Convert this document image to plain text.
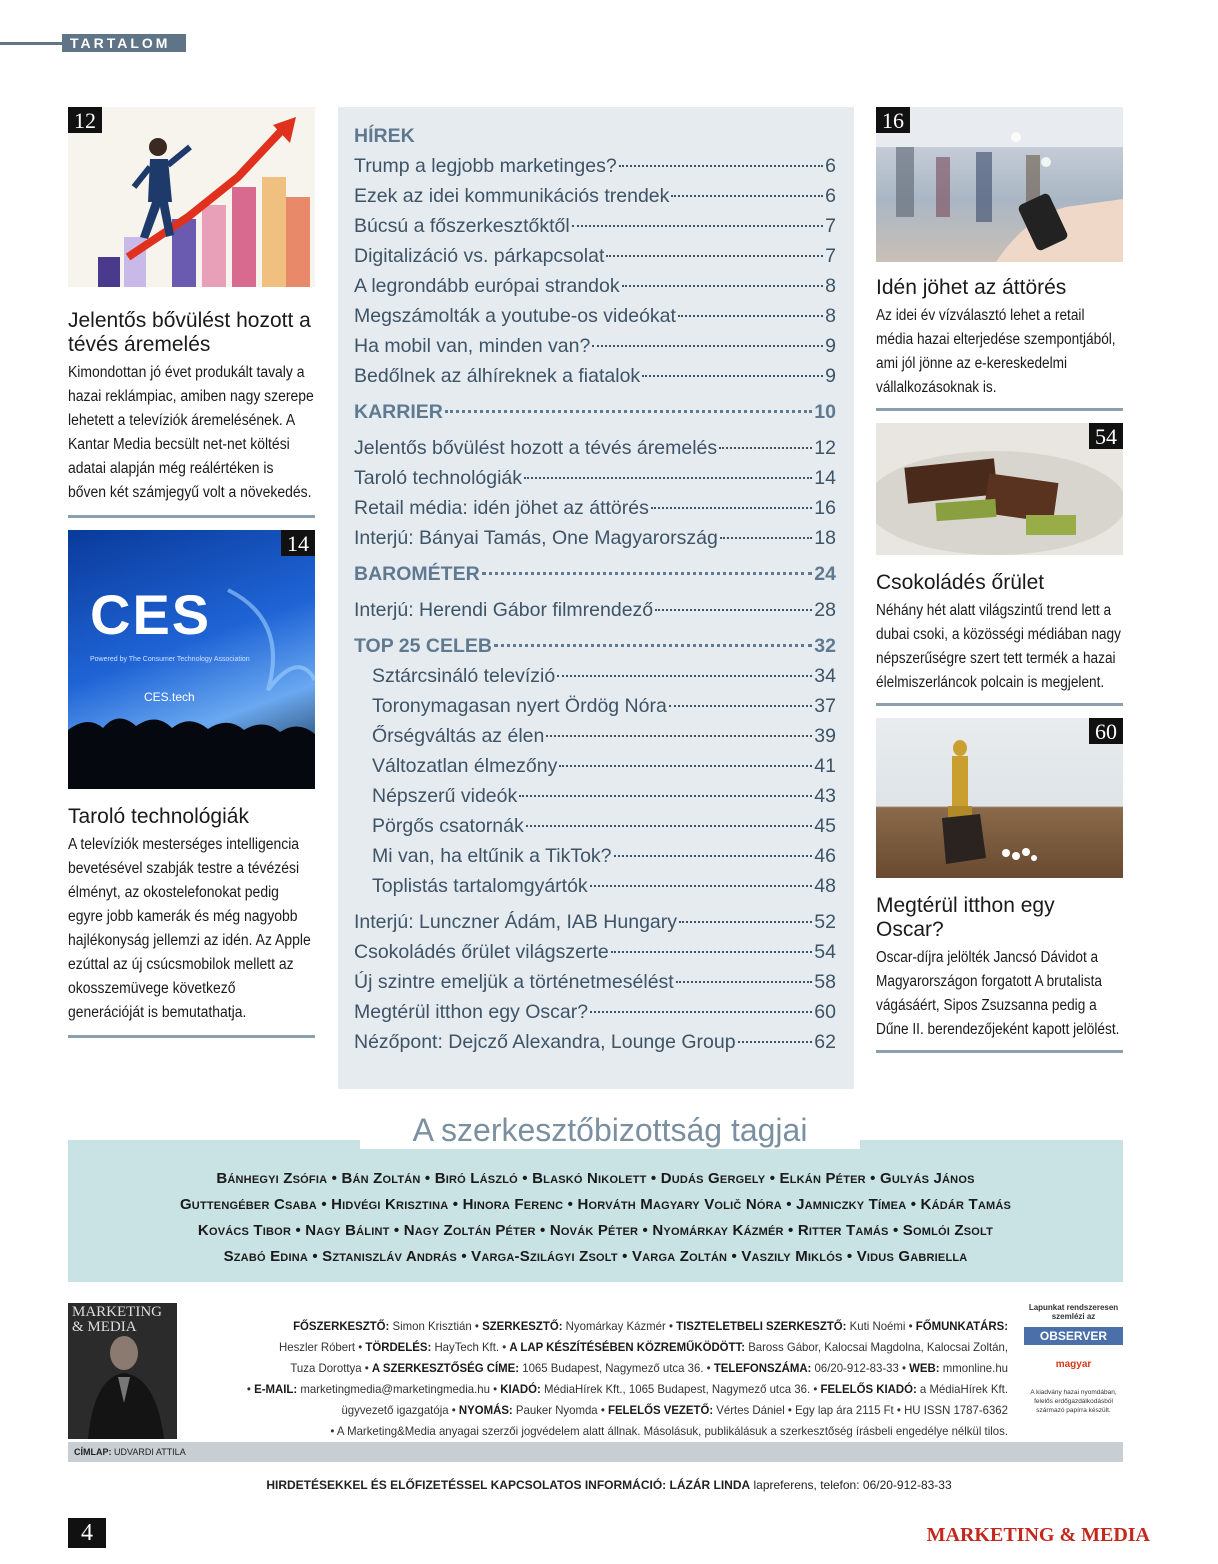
TARTALOM
12
Jelentős bővülést hozott a tévés áremelés
Kimondottan jó évet produkált tavaly a hazai reklámpiac, amiben nagy szerepe lehetett a televíziók áremelésének. A Kantar Media becsült net-net költési adatai alapján még reálértéken is bőven két számjegyű volt a növekedés.
CES
Powered by The Consumer Technology Association
CES.tech
14
Taroló technológiák
A televíziók mesterséges intelligencia bevetésével szabják testre a tévézési élményt, az okostelefonokat pedig egyre jobb kamerák és még nagyobb hajlékonyság jellemzi az idén. Az Apple ezúttal az új csúcsmobilok mellett az okosszemüvege következő generációját is bemutathatja.
HÍREK
Trump a legjobb marketinges?	6
Ezek az idei kommunikációs trendek	6
Búcsú a főszerkesztőktől	7
Digitalizáció vs. párkapcsolat	7
A legrondább európai strandok	8
Megszámolták a youtube-os videókat	8
Ha mobil van, minden van?	9
Bedőlnek az álhíreknek a fiatalok	9
KARRIER	10
Jelentős bővülést hozott a tévés áremelés	12
Taroló technológiák	14
Retail média: idén jöhet az áttörés	16
Interjú: Bányai Tamás, One Magyarország	18
BAROMÉTER	24
Interjú: Herendi Gábor filmrendező	28
TOP 25 CELEB	32
Sztárcsináló televízió	34
Toronymagasan nyert Ördög Nóra	37
Őrségváltás az élen	39
Változatlan élmezőny	41
Népszerű videók	43
Pörgős csatornák	45
Mi van, ha eltűnik a TikTok?	46
Toplistás tartalomgyártók	48
Interjú: Lunczner Ádám, IAB Hungary	52
Csokoládés őrület világszerte	54
Új szintre emeljük a történetmesélést	58
Megtérül itthon egy Oscar?	60
Nézőpont: Dejcző Alexandra, Lounge Group	62
16
Idén jöhet az áttörés
Az idei év vízválasztó lehet a retail média hazai elterjedése szempontjából, ami jól jönne az e-kereskedelmi vállalkozásoknak is.
54
Csokoládés őrület
Néhány hét alatt világszintű trend lett a dubai csoki, a közösségi médiában nagy népszerűségre szert tett termék a hazai élelmiszerláncok polcain is megjelent.
60
Megtérül itthon egy Oscar?
Oscar-díjra jelölték Jancsó Dávidot a Magyarországon forgatott A brutalista vágásáért, Sipos Zsuzsanna pedig a Dűne II. berendezőjeként kapott jelölést.
Bánhegyi Zsófia • Bán Zoltán • Biró László • Blaskó Nikolett • Dudás Gergely • Elkán Péter • Gulyás János
Guttengéber Csaba • Hidvégi Krisztina • Hinora Ferenc • Horváth Magyary Volič Nóra • Jamniczky Tímea • Kádár Tamás
Kovács Tibor • Nagy Bálint • Nagy Zoltán Péter • Novák Péter • Nyomárkay Kázmér • Ritter Tamás • Somlói Zsolt
Szabó Edina • Sztaniszláv András • Varga-Szilágyi Zsolt • Varga Zoltán • Vaszily Miklós • Vidus Gabriella
A szerkesztőbizottság tagjai
MARKETING & MEDIA	FŐSZERKESZTŐ: Simon Krisztián • SZERKESZTŐ: Nyomárkay Kázmér • TISZTELETBELI SZERKESZTŐ: Kuti Noémi • FŐMUNKATÁRS:
Heszler Róbert • TÖRDELÉS: HayTech Kft. • A LAP KÉSZÍTÉSÉBEN KÖZREMŰKÖDÖTT: Baross Gábor, Kalocsai Magdolna, Kalocsai Zoltán,
Tuza Dorottya • A SZERKESZTŐSÉG CÍME: 1065 Budapest, Nagymező utca 36. • TELEFONSZÁMA: 06/20-912-83-33 • WEB: mmonline.hu
• E-MAIL: marketingmedia@marketingmedia.hu • KIADÓ: MédiaHírek Kft., 1065 Budapest, Nagymező utca 36. • FELELŐS KIADÓ: a MédiaHírek Kft.
ügyvezető igazgatója • NYOMÁS: Pauker Nyomda • FELELŐS VEZETŐ: Vértes Dániel • Egy lap ára 2115 Ft • HU ISSN 1787-6362
• A Marketing&Media anyagai szerzői jogvédelem alatt állnak. Másolásuk, publikálásuk a szerkesztőség írásbeli engedélye nélkül tilos.
Lapunkat rendszeresen szemlézi az
OBSERVER
magyar
A kiadvány hazai nyomdában, felelős erdőgazdálkodásból származó papírra készült.
CÍMLAP: UDVARDI ATTILA
HIRDETÉSEKKEL ÉS ELŐFIZETÉSSEL KAPCSOLATOS INFORMÁCIÓ: LÁZÁR LINDA lapreferens, telefon: 06/20-912-83-33
4	MARKETING & MEDIA
